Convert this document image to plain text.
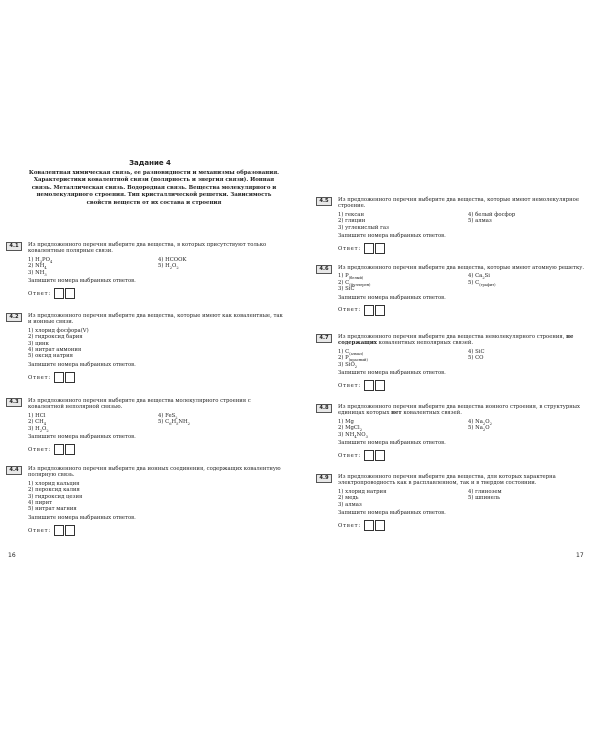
Задание 4

Ковалентная химическая связь, ее разновидности и механизмы образования. Характеристики ковалентной связи (полярность и энергия связи). Ионная связь. Металлическая связь. Водородная связь. Вещества молекулярного и немолекулярного строения. Тип кристаллической решетки. Зависимость свойств веществ от их состава и строения

4.1	Из предложенного перечня выберите два вещества, в которых присутствуют только ковалентные полярные связи.
1) $H_3PO_4$	4) HCOOK
2) $NH_4$	5) $H_2O_2$
3) $NH_3$
Запишите номера выбранных ответов.
Ответ:
4.2	Из предложенного перечня выберите два вещества, которые имеют как ковалентные, так и ионные связи.
1) хлорид фосфора(V)
2) гидроксид бария
3) цинк
4) нитрат аммония
5) оксид натрия
Запишите номера выбранных ответов.
Ответ:
4.3	Из предложенного перечня выберите два вещества молекулярного строения с ковалентной неполярной связью.
1) HCl	4) FeS$_2$
2) $CH_4$	5) $C_6H_5NH_2$
3) $H_2O_2$
Запишите номера выбранных ответов.
Ответ:
4.4	Из предложенного перечня выберите два ионных соединения, содержащих ковалентную полярную связь.
1) хлорид кальция
2) пероксид калия
3) гидроксид цезия
4) пирит
5) нитрат магния
Запишите номера выбранных ответов.
Ответ:
16
4.5	Из предложенного перечня выберите два вещества, которые имеют немолекулярное строение.
1) гексан	4) белый фосфор
2) глицин	5) алмаз
3) углекислый газ
Запишите номера выбранных ответов.
Ответ:
4.6	Из предложенного перечня выберите два вещества, которые имеют атомную решетку.
1) $P_{(белый)}$	4) $Ca_2Si$
2) $C_{(фуллерен)}$	5) $C_{(графит)}$
3) SiC
Запишите номера выбранных ответов.
Ответ:
4.7	Из предложенного перечня выберите два вещества немолекулярного строения, не содержащих ковалентных неполярных связей.
1) $C_{(алмаз)}$	4) SiC
2) $P_{(красный)}$	5) CO
3) SiO$_2$
Запишите номера выбранных ответов.
Ответ:
4.8	Из предложенного перечня выберите два вещества ионного строения, в структурных единицах которых нет ковалентных связей.
1) Mg	4) $Na_2O_2$
2) MgCl$_2$	5) $Na_2O$
3) $NH_4NO_3$
Запишите номера выбранных ответов.
Ответ:
4.9	Из предложенного перечня выберите два вещества, для которых характерна электропроводность как в расплавленном, так и в твердом состоянии.
1) хлорид натрия	4) глинозем
2) медь	5) шпинель
3) алмаз
Запишите номера выбранных ответов.
Ответ:
17
